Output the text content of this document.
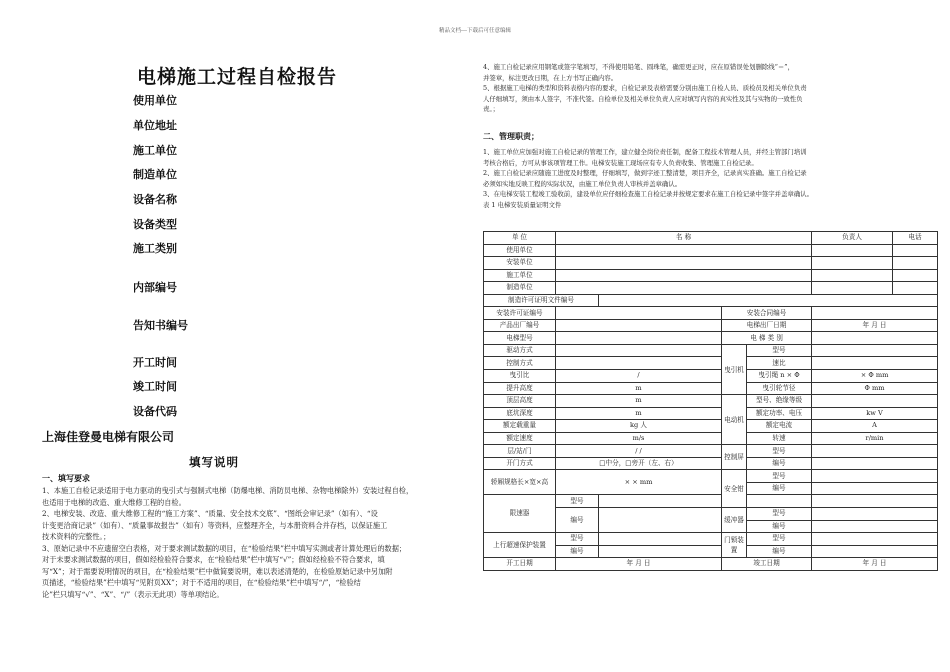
精品文档---下载后可任意编辑
电梯施工过程自检报告
使用单位
单位地址
施工单位
制造单位
设备名称
设备类型
施工类别
内部编号
告知书编号
开工时间
竣工时间
设备代码
上海佳登曼电梯有限公司
填写说明
一、填写要求
1、本施工自检记录适用于电力驱动的曳引式与强制式电梯（防爆电梯、消防员电梯、杂物电梯除外）安装过程自检，
也适用于电梯的改造、重大维修工程的自检。
2、电梯安装、改造、重大维修工程的“施工方案”、“质量、安全技术交底”、“图纸会审记录”（如有）、“设
计变更洽商记录”（如有）、“质量事故报告”（如有）等资料，应整理齐全，与本册资料合并存档，以保证施工
技术资料的完整性。；
3、原始记录中不应遗留空白表格，对于要求测试数据的项目，在“检验结果”栏中填写实测或者计算处理后的数据；
对于未要求测试数据的项目，假如经检验符合要求，在“检验结果”栏中填写“√”；假如经检验不符合要求，填
写“X”；对于需要说明情况的项目，在“检验结果”栏中做简要说明，难以表述清楚的，在检验原始记录中另加附
页描述，“检验结果”栏中填写“见附页XX”；对于不适用的项目，在“检验结果”栏中填写“/”，“检验结
论”栏只填写“√”、“X”、“/”（表示无此项）等单项结论。
4、施工自检记录应用钢笔或签字笔填写，不得使用铅笔、圆珠笔，确需更正时，应在原错误处划删除线“＝”，
并签章，标注更改日期，在上方书写正确内容。
5、根据施工电梯的类型和资料表格内容的要求，自检记录及表格需要分别由施工自检人员、质检员及相关单位负责
人仔细填写，须由本人签字，不准代签。自检单位及相关单位负责人应对填写内容的真实性及其与实物的一致性负
责。；
二、管理职责；
1、施工单位应加强对施工自检记录的管理工作，建立健全岗位责任制，配备工程技术管理人员，并经主管部门培训
考核合格后，方可从事该项管理工作。电梯安装施工现场应有专人负责收集、管理施工自检记录。
2、施工自检记录应随施工进度及时整理，仔细填写，做到字迹工整清楚，项目齐全，记录真实准确。施工自检记录
必须如实地反映工程的实际状况，由施工单位负责人审核并盖章确认。
3、在电梯安装工程竣工验收前，建设单位应仔细检查施工自检记录并按规定要求在施工自检记录中签字并盖章确认。
表 1 电梯安装质量证明文件
单 位	名 称				负责人	电话
使用单位						
安装单位						
施工单位						
制造单位						
制造许可证明文件编号						
安装许可证编号			安装合同编号			
产品出厂编号			电梯出厂日期		年 月 日	
电梯型号			电 梯 类 别			
驱动方式			曳引机	型号		
控制方式				速比		
曳引比	/			曳引绳 n × Φ	× Φ mm	
提升高度	m			曳引轮节径	Φ mm	
顶层高度	m		电动机	型号、绝缘等级		
底坑深度	m			额定功率、电压	kw V	
额定载重量	kg 人			额定电流	A	
额定速度	m/s			转速	r/min	
层/站/门	/ /		控制屏	型号		
开门方式	□中分，□旁开（左、右）			编号		
轿厢规格长×宽×高	× × mm		安全钳	型号		
				编号		
限速器	型号					
	编号		缓冲器	型号		
				编号		
上行超速保护装置	型号		门锁装置	型号		
	编号			编号		
开工日期	年 月 日		竣工日期		年 月 日	
